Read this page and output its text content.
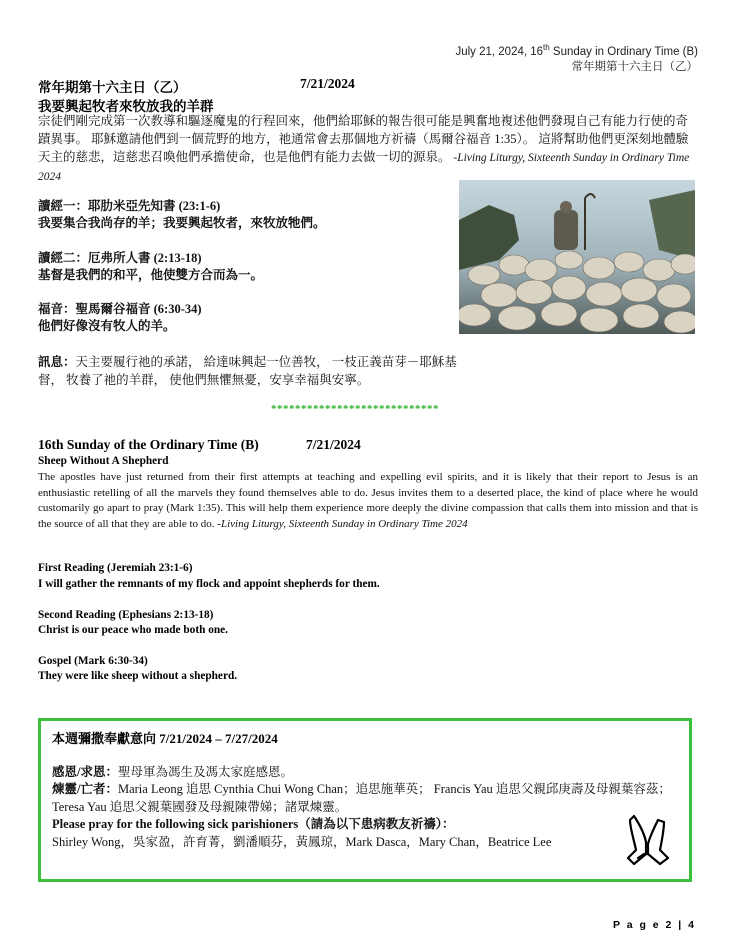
July 21, 2024, 16th Sunday in Ordinary Time (B)
常年期第十六主日（乙）
常年期第十六主日（乙）	7/21/2024
我要興起牧者來牧放我的羊群
宗徒們剛完成第一次教導和驅逐魔鬼的行程回來，他們給耶穌的報告很可能是興奮地複述他們發現自己有能力行使的奇蹟異事。 耶穌邀請他們到一個荒野的地方，祂通常會去那個地方祈禱（馬爾谷福音 1:35）。 這將幫助他們更深刻地體驗天主的慈悲，這慈悲召喚他們承擔使命，也是他們有能力去做一切的源泉。 -Living Liturgy, Sixteenth Sunday in Ordinary Time 2024
讀經一：耶肋米亞先知書 (23:1-6)
我要集合我尚存的羊；我要興起牧者，來牧放牠們。
讀經二：厄弗所人書 (2:13-18)
基督是我們的和平，他使雙方合而為一。
福音：聖馬爾谷福音 (6:30-34)
他們好像沒有牧人的羊。
訊息：天主要履行祂的承諾， 給達味興起一位善牧， 一枝正義苗芽－耶穌基督， 牧養了祂的羊群， 使他們無懼無憂，安享幸福與安寧。
****************************
16th Sunday of the Ordinary Time (B)	7/21/2024
Sheep Without A Shepherd
The apostles have just returned from their first attempts at teaching and expelling evil spirits, and it is likely that their report to Jesus is an enthusiastic retelling of all the marvels they found themselves able to do. Jesus invites them to a deserted place, the kind of place where he would customarily go apart to pray (Mark 1:35). This will help them experience more deeply the divine compassion that calls them into mission and that is the source of all that they are able to do. -Living Liturgy, Sixteenth Sunday in Ordinary Time 2024
First Reading (Jeremiah 23:1-6)
I will gather the remnants of my flock and appoint shepherds for them.
Second Reading (Ephesians 2:13-18)
Christ is our peace who made both one.
Gospel (Mark 6:30-34)
They were like sheep without a shepherd.
本週彌撒奉獻意向 7/21/2024 – 7/27/2024
感恩/求恩：聖母軍為馮生及馮太家庭感恩。
煉靈/亡者：Maria Leong 追思 Cynthia Chui Wong Chan；追思施華英； Francis Yau 追思父親邱庚壽及母親葉容茲；Teresa Yau 追思父親葉國發及母親陳帶娣；諸眾煉靈。
Please pray for the following sick parishioners（請為以下患病教友祈禱）：
Shirley Wong，吳家盈，許育菁，劉潘順芬，黃鳳琼，Mark Dasca，Mary Chan，Beatrice Lee
P a g e 2 | 4
